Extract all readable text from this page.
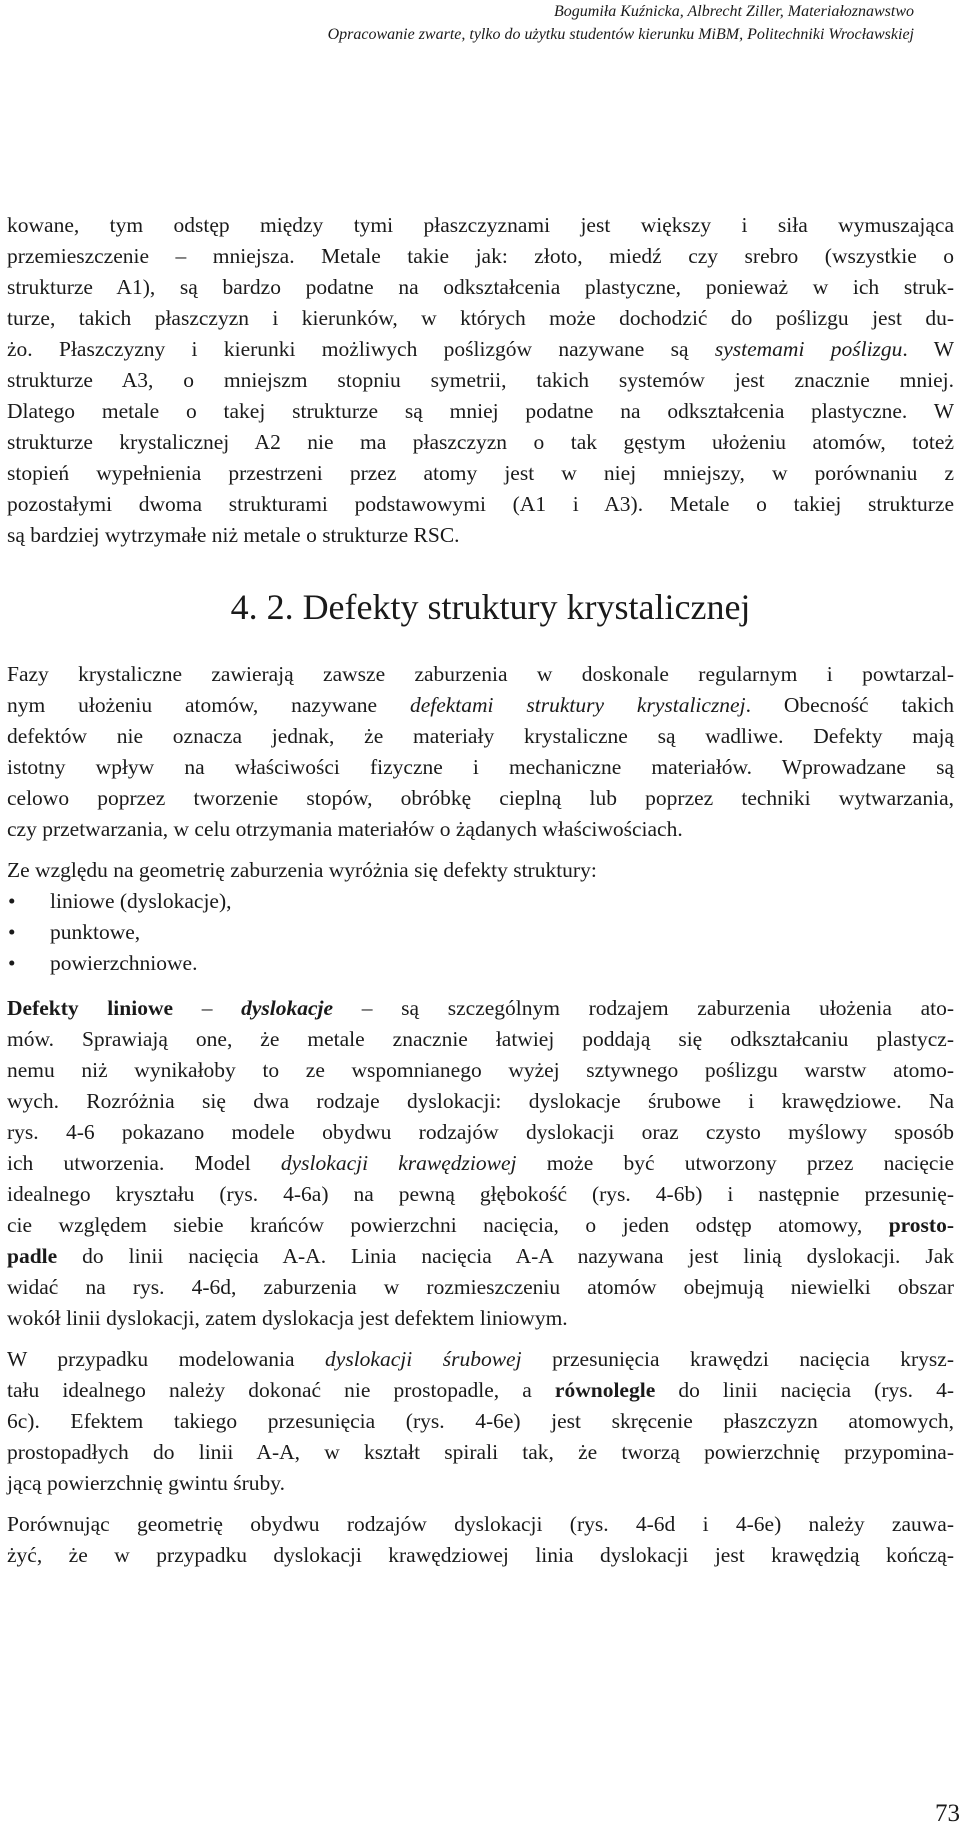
Bogumiła Kuźnicka, Albrecht Ziller, Materiałoznawstwo
Opracowanie zwarte, tylko do użytku studentów kierunku MiBM, Politechniki Wrocławskiej

kowane, tym odstęp między tymi płaszczyznami jest większy i siła wymuszająca
przemieszczenie – mniejsza. Metale takie jak: złoto, miedź czy srebro (wszystkie o
strukturze A1), są bardzo podatne na odkształcenia plastyczne, ponieważ w ich struk-
turze, takich płaszczyzn i kierunków, w których może dochodzić do poślizgu jest du-
żo. Płaszczyzny i kierunki możliwych poślizgów nazywane są systemami poślizgu. W
strukturze A3, o mniejszm stopniu symetrii, takich systemów jest znacznie mniej.
Dlatego metale o takej strukturze są mniej podatne na odkształcenia plastyczne. W
strukturze krystalicznej A2 nie ma płaszczyzn o tak gęstym ułożeniu atomów, toteż
stopień wypełnienia przestrzeni przez atomy jest w niej mniejszy, w porównaniu z
pozostałymi dwoma strukturami podstawowymi (A1 i A3). Metale o takiej strukturze
są bardziej wytrzymałe niż metale o strukturze RSC.

4. 2. Defekty struktury krystalicznej

Fazy krystaliczne zawierają zawsze zaburzenia w doskonale regularnym i powtarzal-
nym ułożeniu atomów, nazywane defektami struktury krystalicznej. Obecność takich
defektów nie oznacza jednak, że materiały krystaliczne są wadliwe. Defekty mają
istotny wpływ na właściwości fizyczne i mechaniczne materiałów. Wprowadzane są
celowo poprzez tworzenie stopów, obróbkę cieplną lub poprzez techniki wytwarzania,
czy przetwarzania, w celu otrzymania materiałów o żądanych właściwościach.

Ze względu na geometrię zaburzenia wyróżnia się defekty struktury:

• liniowe (dyslokacje),
• punktowe,
• powierzchniowe.

Defekty liniowe – dyslokacje – są szczególnym rodzajem zaburzenia ułożenia ato-
mów. Sprawiają one, że metale znacznie łatwiej poddają się odkształcaniu plastycz-
nemu niż wynikałoby to ze wspomnianego wyżej sztywnego poślizgu warstw atomo-
wych. Rozróżnia się dwa rodzaje dyslokacji: dyslokacje śrubowe i krawędziowe. Na
rys. 4-6 pokazano modele obydwu rodzajów dyslokacji oraz czysto myślowy sposób
ich utworzenia. Model dyslokacji krawędziowej może być utworzony przez nacięcie
idealnego kryształu (rys. 4-6a) na pewną głębokość (rys. 4-6b) i następnie przesunię-
cie względem siebie krańców powierzchni nacięcia, o jeden odstęp atomowy, prosto-
padle do linii nacięcia A-A. Linia nacięcia A-A nazywana jest linią dyslokacji. Jak
widać na rys. 4-6d, zaburzenia w rozmieszczeniu atomów obejmują niewielki obszar
wokół linii dyslokacji, zatem dyslokacja jest defektem liniowym.

W przypadku modelowania dyslokacji śrubowej przesunięcia krawędzi nacięcia krysz-
tału idealnego należy dokonać nie prostopadle, a równolegle do linii nacięcia (rys. 4-
6c). Efektem takiego przesunięcia (rys. 4-6e) jest skręcenie płaszczyzn atomowych,
prostopadłych do linii A-A, w kształt spirali tak, że tworzą powierzchnię przypomina-
jącą powierzchnię gwintu śruby.

Porównując geometrię obydwu rodzajów dyslokacji (rys. 4-6d i 4-6e) należy zauwa-
żyć, że w przypadku dyslokacji krawędziowej linia dyslokacji jest krawędzią kończą-

73
